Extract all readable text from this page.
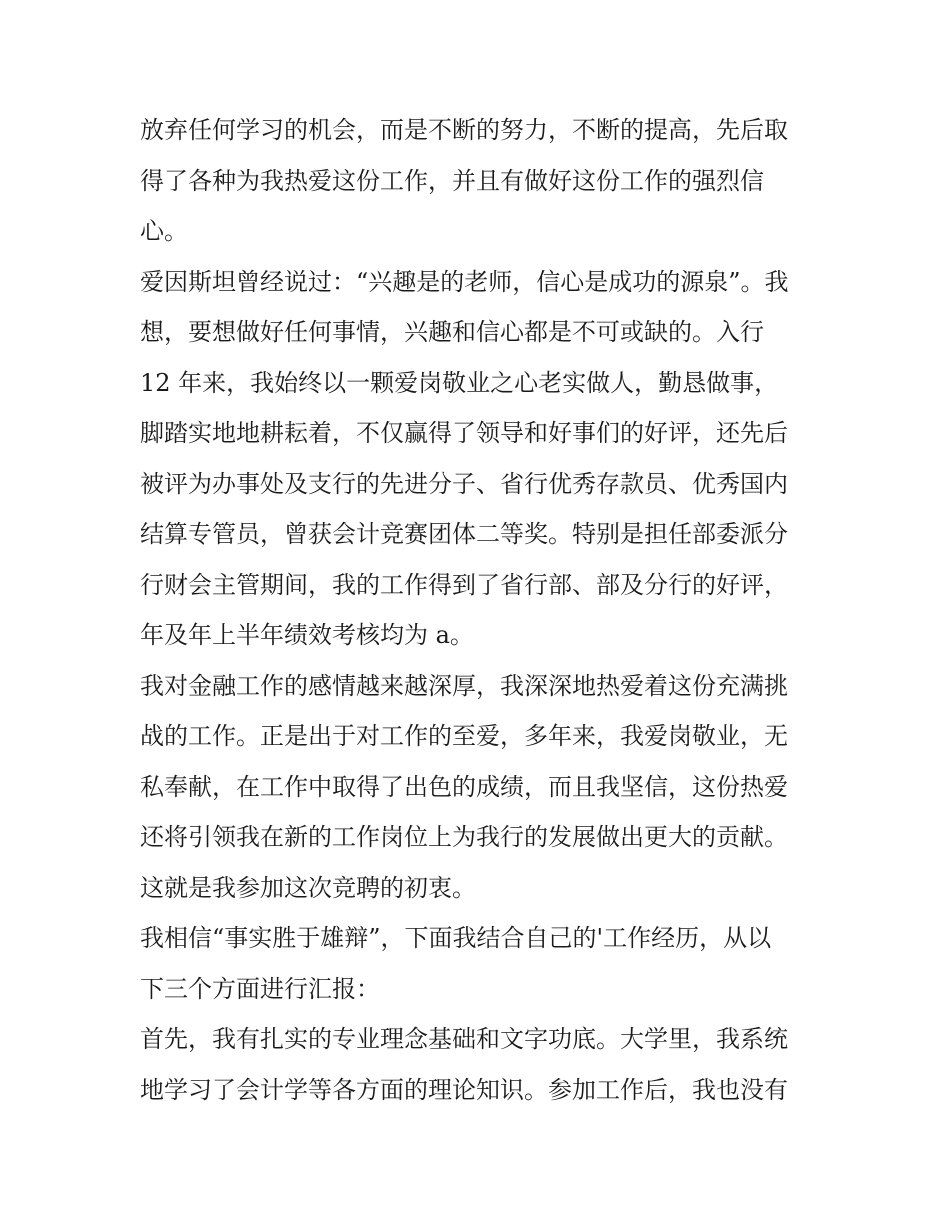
放弃任何学习的机会，而是不断的努力，不断的提高，先后取
得了各种为我热爱这份工作，并且有做好这份工作的强烈信
心。
爱因斯坦曾经说过：“兴趣是的老师，信心是成功的源泉”。我
想，要想做好任何事情，兴趣和信心都是不可或缺的。入行
12 年来，我始终以一颗爱岗敬业之心老实做人，勤恳做事，
脚踏实地地耕耘着，不仅赢得了领导和好事们的好评，还先后
被评为办事处及支行的先进分子、省行优秀存款员、优秀国内
结算专管员，曾获会计竞赛团体二等奖。特别是担任部委派分
行财会主管期间，我的工作得到了省行部、部及分行的好评，
年及年上半年绩效考核均为 a。
我对金融工作的感情越来越深厚，我深深地热爱着这份充满挑
战的工作。正是出于对工作的至爱，多年来，我爱岗敬业，无
私奉献，在工作中取得了出色的成绩，而且我坚信，这份热爱
还将引领我在新的工作岗位上为我行的发展做出更大的贡献。
这就是我参加这次竞聘的初衷。
我相信“事实胜于雄辩”，下面我结合自己的'工作经历，从以
下三个方面进行汇报：
首先，我有扎实的专业理念基础和文字功底。大学里，我系统
地学习了会计学等各方面的理论知识。参加工作后，我也没有
